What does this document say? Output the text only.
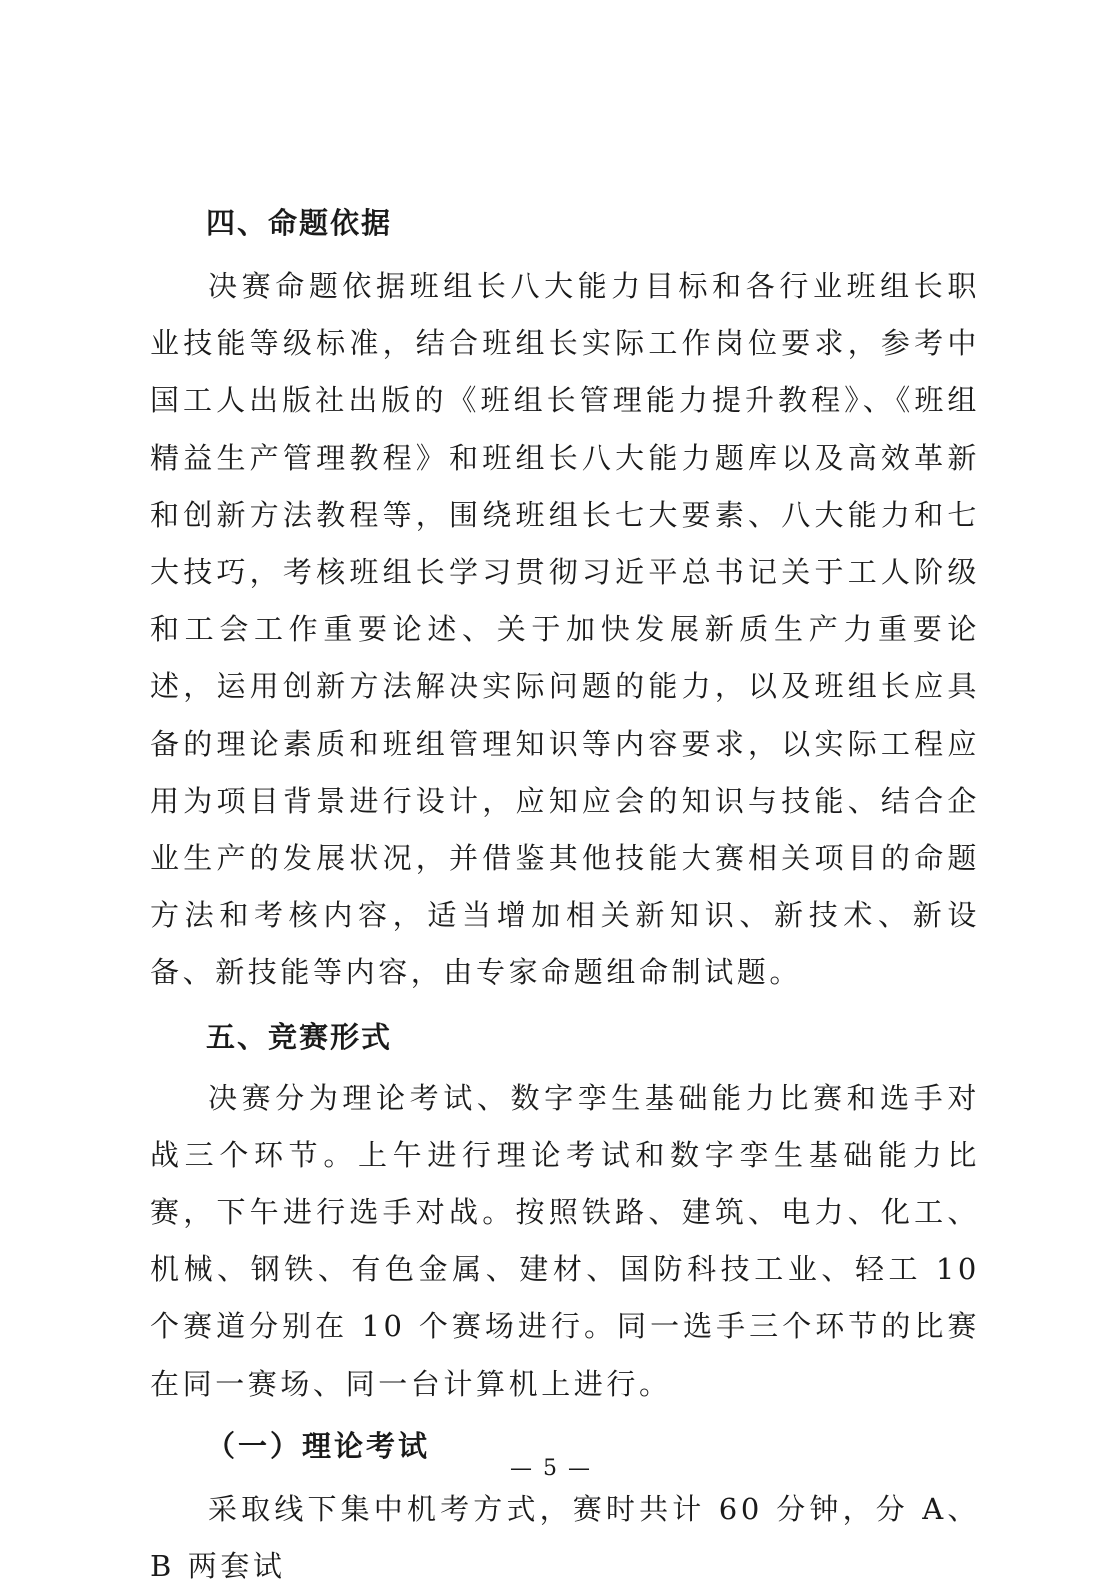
四、命题依据

决赛命题依据班组长八大能力目标和各行业班组长职业技能等级标准，结合班组长实际工作岗位要求，参考中国工人出版社出版的《班组长管理能力提升教程》、《班组精益生产管理教程》和班组长八大能力题库以及高效革新和创新方法教程等，围绕班组长七大要素、八大能力和七大技巧，考核班组长学习贯彻习近平总书记关于工人阶级和工会工作重要论述、关于加快发展新质生产力重要论述，运用创新方法解决实际问题的能力，以及班组长应具备的理论素质和班组管理知识等内容要求，以实际工程应用为项目背景进行设计，应知应会的知识与技能、结合企业生产的发展状况，并借鉴其他技能大赛相关项目的命题方法和考核内容，适当增加相关新知识、新技术、新设备、新技能等内容，由专家命题组命制试题。

五、竞赛形式

决赛分为理论考试、数字孪生基础能力比赛和选手对战三个环节。上午进行理论考试和数字孪生基础能力比赛，下午进行选手对战。按照铁路、建筑、电力、化工、机械、钢铁、有色金属、建材、国防科技工业、轻工 10 个赛道分别在 10 个赛场进行。同一选手三个环节的比赛在同一赛场、同一台计算机上进行。

（一）理论考试

采取线下集中机考方式，赛时共计 60 分钟，分 A、B 两套试

— 5 —
